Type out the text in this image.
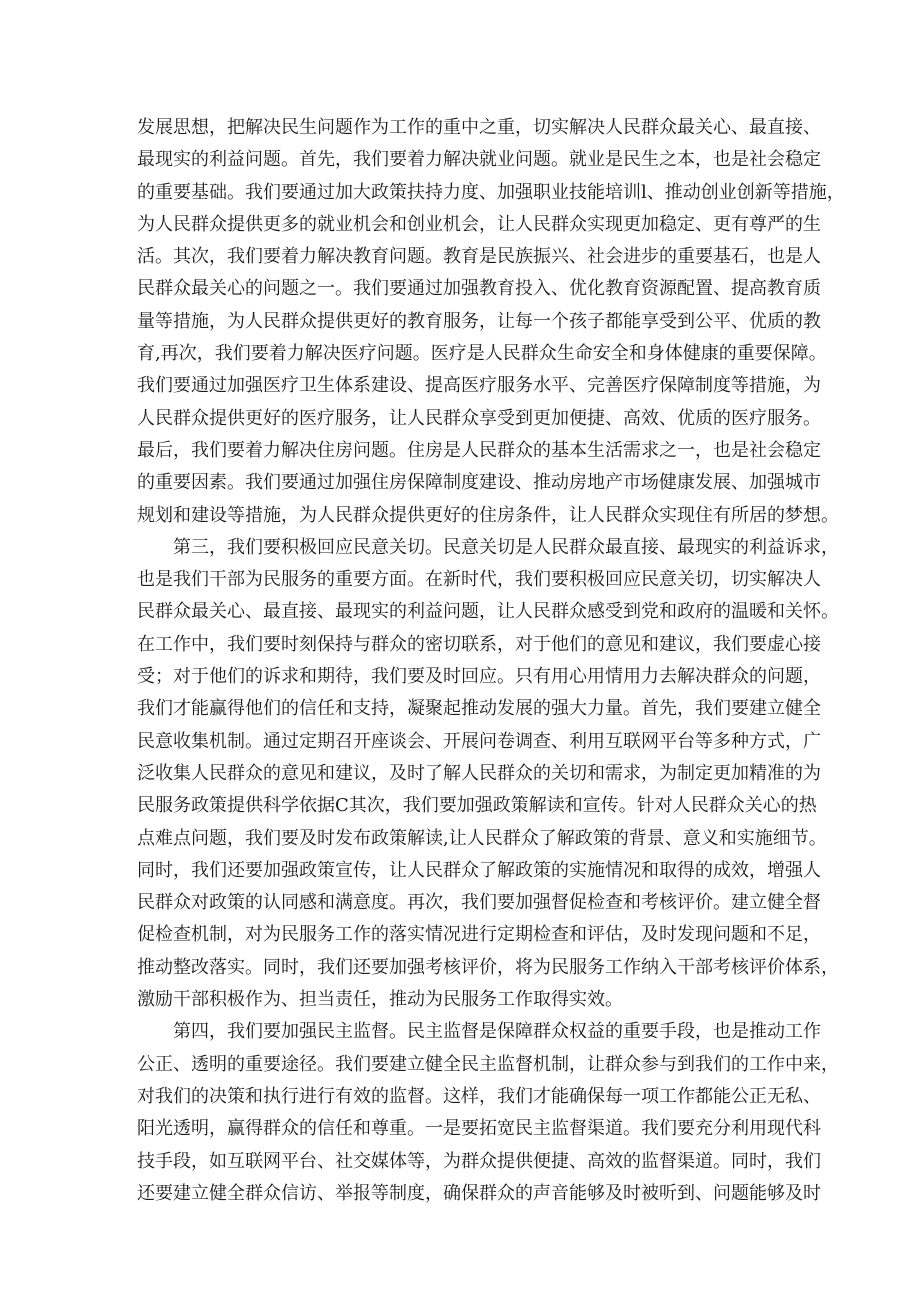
发展思想，把解决民生问题作为工作的重中之重，切实解决人民群众最关心、最直接、
最现实的利益问题。首先，我们要着力解决就业问题。就业是民生之本，也是社会稳定
的重要基础。我们要通过加大政策扶持力度、加强职业技能培训l、推动创业创新等措施，
为人民群众提供更多的就业机会和创业机会，让人民群众实现更加稳定、更有尊严的生
活。其次，我们要着力解决教育问题。教育是民族振兴、社会进步的重要基石，也是人
民群众最关心的问题之一。我们要通过加强教育投入、优化教育资源配置、提高教育质
量等措施，为人民群众提供更好的教育服务，让每一个孩子都能享受到公平、优质的教
育,再次，我们要着力解决医疗问题。医疗是人民群众生命安全和身体健康的重要保障。
我们要通过加强医疗卫生体系建设、提高医疗服务水平、完善医疗保障制度等措施，为
人民群众提供更好的医疗服务，让人民群众享受到更加便捷、高效、优质的医疗服务。
最后，我们要着力解决住房问题。住房是人民群众的基本生活需求之一，也是社会稳定
的重要因素。我们要通过加强住房保障制度建设、推动房地产市场健康发展、加强城市
规划和建设等措施，为人民群众提供更好的住房条件，让人民群众实现住有所居的梦想。
第三，我们要积极回应民意关切。民意关切是人民群众最直接、最现实的利益诉求，
也是我们干部为民服务的重要方面。在新时代，我们要积极回应民意关切，切实解决人
民群众最关心、最直接、最现实的利益问题，让人民群众感受到党和政府的温暖和关怀。
在工作中，我们要时刻保持与群众的密切联系，对于他们的意见和建议，我们要虚心接
受；对于他们的诉求和期待，我们要及时回应。只有用心用情用力去解决群众的问题，
我们才能赢得他们的信任和支持，凝聚起推动发展的强大力量。首先，我们要建立健全
民意收集机制。通过定期召开座谈会、开展问卷调查、利用互联网平台等多种方式，广
泛收集人民群众的意见和建议，及时了解人民群众的关切和需求，为制定更加精准的为
民服务政策提供科学依据C其次，我们要加强政策解读和宣传。针对人民群众关心的热
点难点问题，我们要及时发布政策解读,让人民群众了解政策的背景、意义和实施细节。
同时，我们还要加强政策宣传，让人民群众了解政策的实施情况和取得的成效，增强人
民群众对政策的认同感和满意度。再次，我们要加强督促检查和考核评价。建立健全督
促检查机制，对为民服务工作的落实情况进行定期检查和评估，及时发现问题和不足，
推动整改落实。同时，我们还要加强考核评价，将为民服务工作纳入干部考核评价体系，
激励干部积极作为、担当责任，推动为民服务工作取得实效。
第四，我们要加强民主监督。民主监督是保障群众权益的重要手段，也是推动工作
公正、透明的重要途径。我们要建立健全民主监督机制，让群众参与到我们的工作中来，
对我们的决策和执行进行有效的监督。这样，我们才能确保每一项工作都能公正无私、
阳光透明，赢得群众的信任和尊重。一是要拓宽民主监督渠道。我们要充分利用现代科
技手段，如互联网平台、社交媒体等，为群众提供便捷、高效的监督渠道。同时，我们
还要建立健全群众信访、举报等制度，确保群众的声音能够及时被听到、问题能够及时
